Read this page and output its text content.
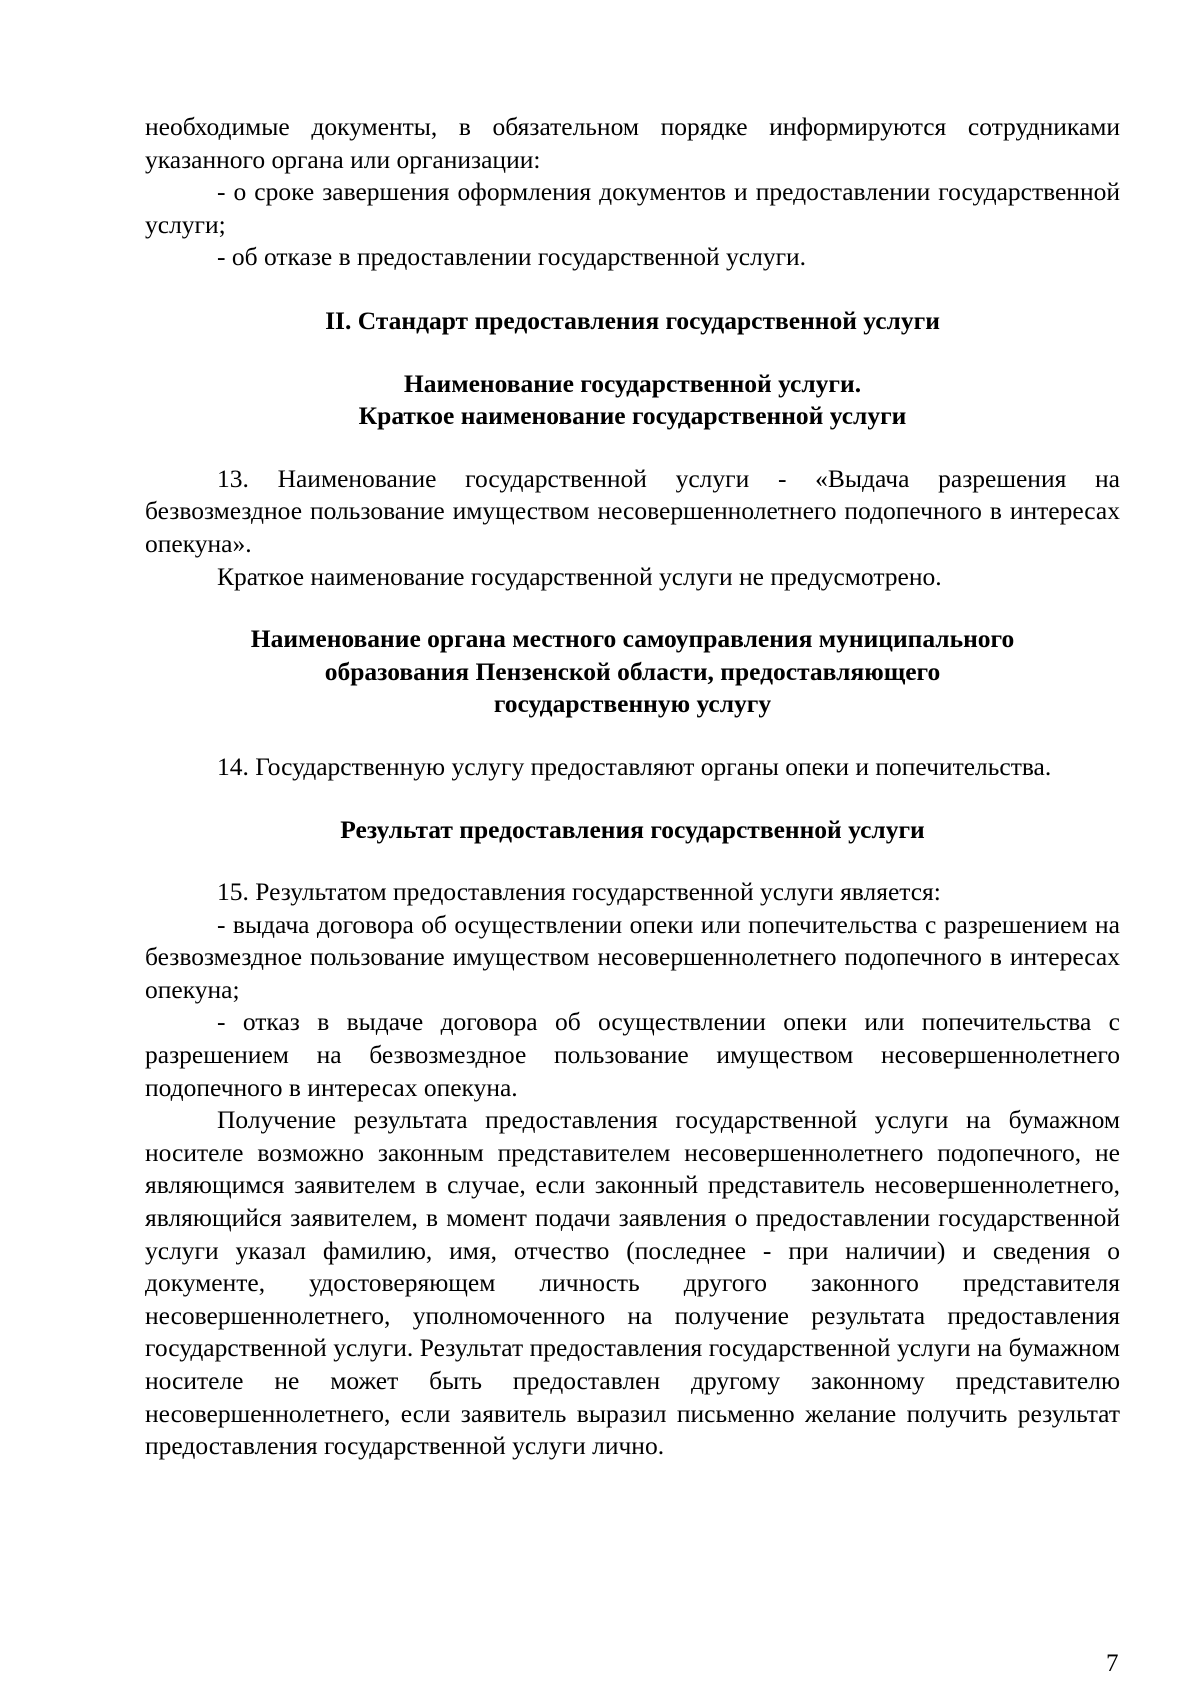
необходимые документы, в обязательном порядке информируются сотрудниками указанного органа или организации:

- о сроке завершения оформления документов и предоставлении государственной услуги;

- об отказе в предоставлении государственной услуги.

II. Стандарт предоставления государственной услуги

Наименование государственной услуги.

Краткое наименование государственной услуги

13. Наименование государственной услуги - «Выдача разрешения на безвозмездное пользование имуществом несовершеннолетнего подопечного в интересах опекуна».

Краткое наименование государственной услуги не предусмотрено.

Наименование органа местного самоуправления муниципального

образования Пензенской области, предоставляющего

государственную услугу

14. Государственную услугу предоставляют органы опеки и попечительства.

Результат предоставления государственной услуги

15. Результатом предоставления государственной услуги является:

- выдача договора об осуществлении опеки или попечительства с разрешением на безвозмездное пользование имуществом несовершеннолетнего подопечного в интересах опекуна;

- отказ в выдаче договора об осуществлении опеки или попечительства с разрешением на безвозмездное пользование имуществом несовершеннолетнего подопечного в интересах опекуна.

Получение результата предоставления государственной услуги на бумажном носителе возможно законным представителем несовершеннолетнего подопечного, не являющимся заявителем в случае, если законный представитель несовершеннолетнего, являющийся заявителем, в момент подачи заявления о предоставлении государственной услуги указал фамилию, имя, отчество (последнее - при наличии) и сведения о документе, удостоверяющем личность другого законного представителя несовершеннолетнего, уполномоченного на получение результата предоставления государственной услуги. Результат предоставления государственной услуги на бумажном носителе не может быть предоставлен другому законному представителю несовершеннолетнего, если заявитель выразил письменно желание получить результат предоставления государственной услуги лично.

7
